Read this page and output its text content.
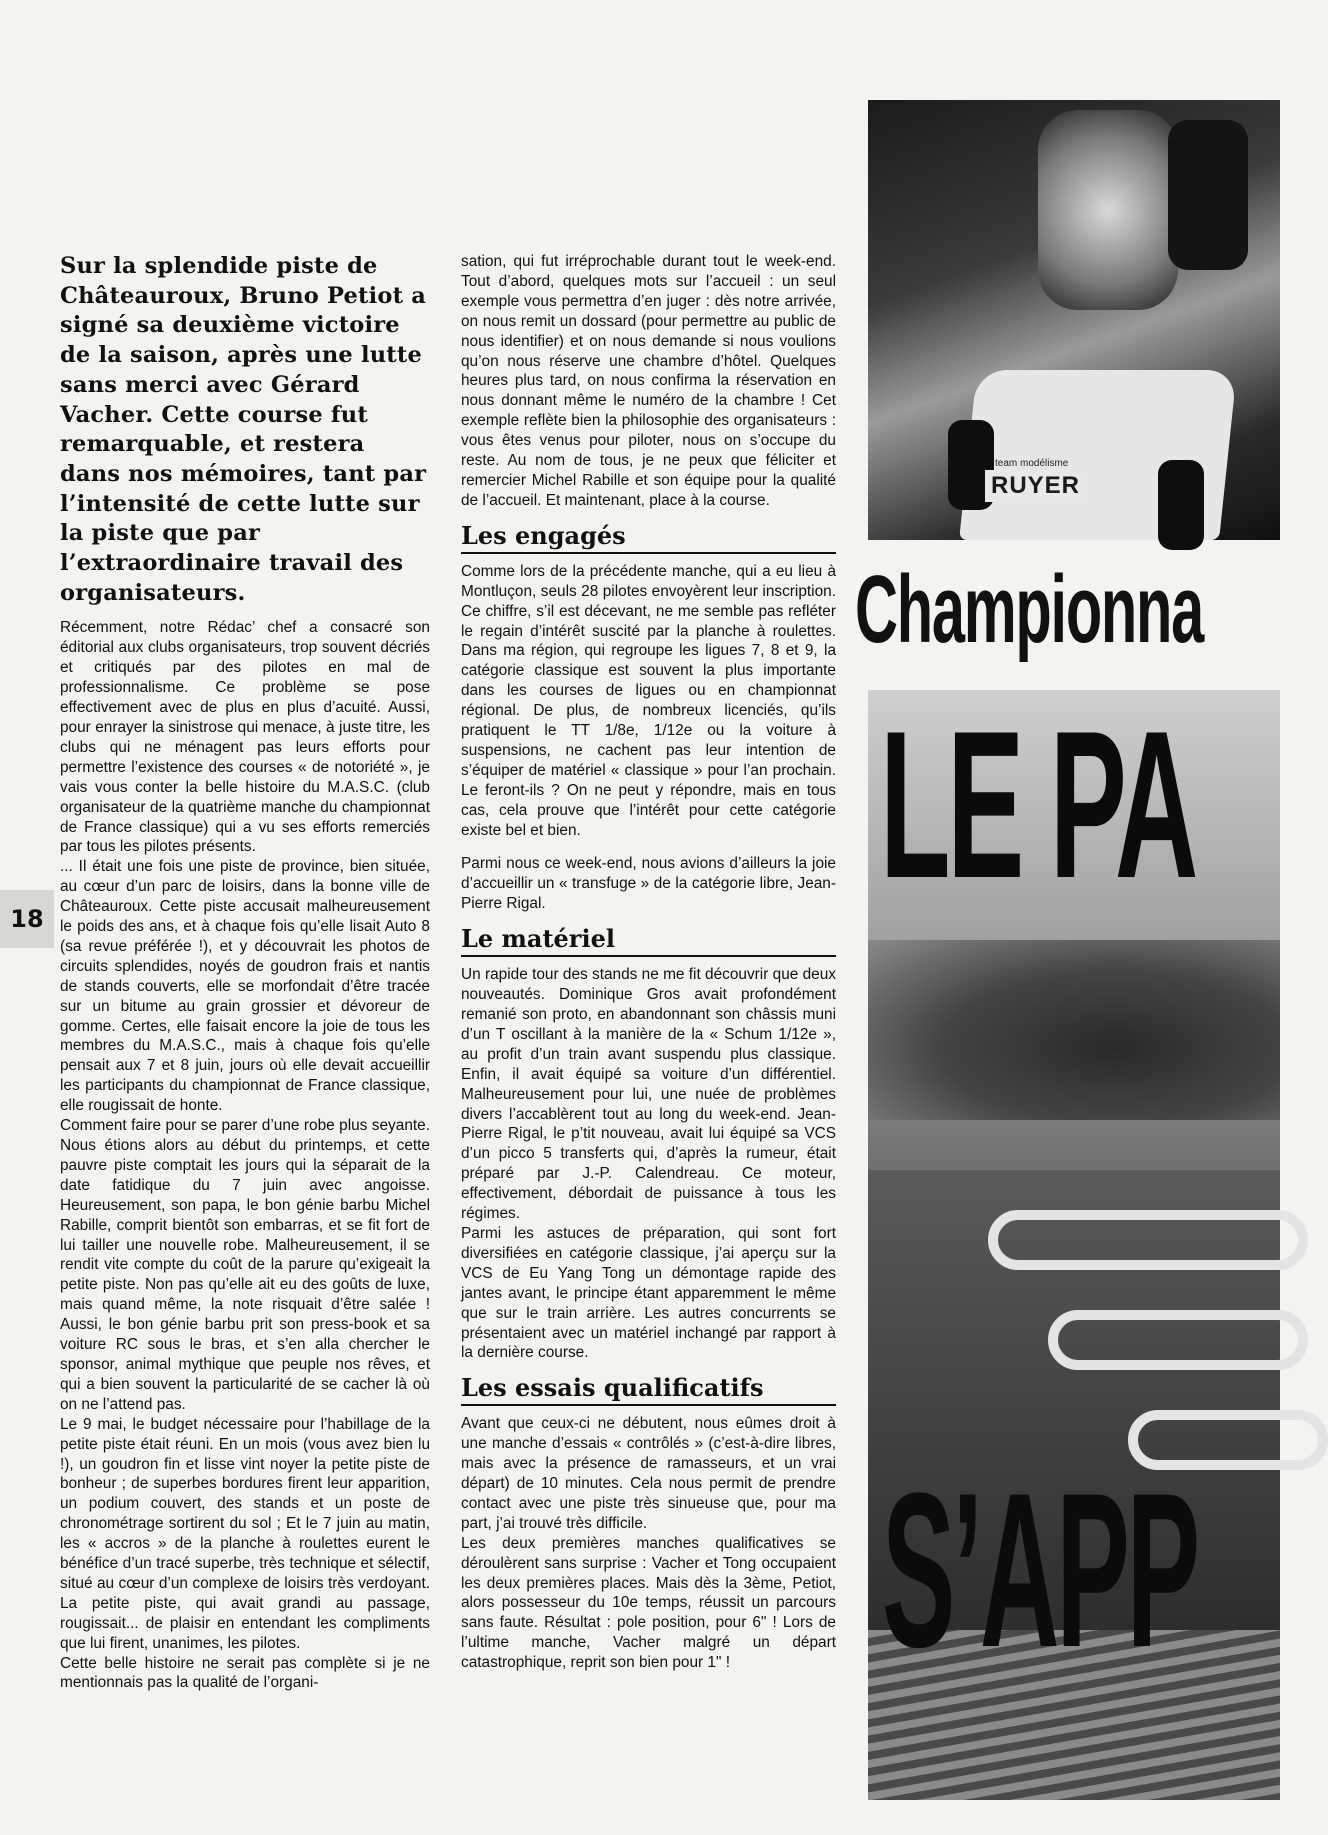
Sur la splendide piste de Châteauroux, Bruno Petiot a signé sa deuxième victoire de la saison, après une lutte sans merci avec Gérard Vacher. Cette course fut remarquable, et restera dans nos mémoires, tant par l’intensité de cette lutte sur la piste que par l’extraordinaire travail des organisateurs.

Récemment, notre Rédac’ chef a consacré son éditorial aux clubs organisateurs, trop souvent décriés et critiqués par des pilotes en mal de professionnalisme. Ce problème se pose effectivement avec de plus en plus d’acuité. Aussi, pour enrayer la sinistrose qui menace, à juste titre, les clubs qui ne ménagent pas leurs efforts pour permettre l’existence des courses « de notoriété », je vais vous conter la belle histoire du M.A.S.C. (club organisateur de la quatrième manche du championnat de France classique) qui a vu ses efforts remerciés par tous les pilotes présents.
... Il était une fois une piste de province, bien située, au cœur d’un parc de loisirs, dans la bonne ville de Châteauroux. Cette piste accusait malheureusement le poids des ans, et à chaque fois qu’elle lisait Auto 8 (sa revue préférée !), et y découvrait les photos de circuits splendides, noyés de goudron frais et nantis de stands couverts, elle se morfondait d’être tracée sur un bitume au grain grossier et dévoreur de gomme. Certes, elle faisait encore la joie de tous les membres du M.A.S.C., mais à chaque fois qu’elle pensait aux 7 et 8 juin, jours où elle devait accueillir les participants du championnat de France classique, elle rougissait de honte.
Comment faire pour se parer d’une robe plus seyante. Nous étions alors au début du printemps, et cette pauvre piste comptait les jours qui la séparait de la date fatidique du 7 juin avec angoisse. Heureusement, son papa, le bon génie barbu Michel Rabille, comprit bientôt son embarras, et se fit fort de lui tailler une nouvelle robe. Malheureusement, il se rendit vite compte du coût de la parure qu’exigeait la petite piste. Non pas qu’elle ait eu des goûts de luxe, mais quand même, la note risquait d’être salée ! Aussi, le bon génie barbu prit son press-book et sa voiture RC sous le bras, et s’en alla chercher le sponsor, animal mythique que peuple nos rêves, et qui a bien souvent la particularité de se cacher là où on ne l’attend pas.
Le 9 mai, le budget nécessaire pour l’habillage de la petite piste était réuni. En un mois (vous avez bien lu !), un goudron fin et lisse vint noyer la petite piste de bonheur ; de superbes bordures firent leur apparition, un podium couvert, des stands et un poste de chronométrage sortirent du sol ; Et le 7 juin au matin, les « accros » de la planche à roulettes eurent le bénéfice d’un tracé superbe, très technique et sélectif, situé au cœur d’un complexe de loisirs très verdoyant. La petite piste, qui avait grandi au passage, rougissait... de plaisir en entendant les compliments que lui firent, unanimes, les pilotes.
Cette belle histoire ne serait pas complète si je ne mentionnais pas la qualité de l’organi-

sation, qui fut irréprochable durant tout le week-end. Tout d’abord, quelques mots sur l’accueil : un seul exemple vous permettra d’en juger : dès notre arrivée, on nous remit un dossard (pour permettre au public de nous identifier) et on nous demande si nous voulions qu’on nous réserve une chambre d’hôtel. Quelques heures plus tard, on nous confirma la réservation en nous donnant même le numéro de la chambre ! Cet exemple reflète bien la philosophie des organisateurs : vous êtes venus pour piloter, nous on s’occupe du reste. Au nom de tous, je ne peux que féliciter et remercier Michel Rabille et son équipe pour la qualité de l’accueil. Et maintenant, place à la course.

Les engagés

Comme lors de la précédente manche, qui a eu lieu à Montluçon, seuls 28 pilotes envoyèrent leur inscription. Ce chiffre, s’il est décevant, ne me semble pas refléter le regain d’intérêt suscité par la planche à roulettes. Dans ma région, qui regroupe les ligues 7, 8 et 9, la catégorie classique est souvent la plus importante dans les courses de ligues ou en championnat régional. De plus, de nombreux licenciés, qu’ils pratiquent le TT 1/8e, 1/12e ou la voiture à suspensions, ne cachent pas leur intention de s’équiper de matériel « classique » pour l’an prochain. Le feront-ils ? On ne peut y répondre, mais en tous cas, cela prouve que l’intérêt pour cette catégorie existe bel et bien.

Parmi nous ce week-end, nous avions d’ailleurs la joie d’accueillir un « transfuge » de la catégorie libre, Jean-Pierre Rigal.

Le matériel

Un rapide tour des stands ne me fit découvrir que deux nouveautés. Dominique Gros avait profondément remanié son proto, en abandonnant son châssis muni d’un T oscillant à la manière de la « Schum 1/12e », au profit d’un train avant suspendu plus classique. Enfin, il avait équipé sa voiture d’un différentiel. Malheureusement pour lui, une nuée de problèmes divers l’accablèrent tout au long du week-end. Jean-Pierre Rigal, le p’tit nouveau, avait lui équipé sa VCS d’un picco 5 transferts qui, d’après la rumeur, était préparé par J.-P. Calendreau. Ce moteur, effectivement, débordait de puissance à tous les régimes.
Parmi les astuces de préparation, qui sont fort diversifiées en catégorie classique, j’ai aperçu sur la VCS de Eu Yang Tong un démontage rapide des jantes avant, le principe étant apparemment le même que sur le train arrière. Les autres concurrents se présentaient avec un matériel inchangé par rapport à la dernière course.

Les essais qualificatifs

Avant que ceux-ci ne débutent, nous eûmes droit à une manche d’essais « contrôlés » (c’est-à-dire libres, mais avec la présence de ramasseurs, et un vrai départ) de 10 minutes. Cela nous permit de prendre contact avec une piste très sinueuse que, pour ma part, j’ai trouvé très difficile.
Les deux premières manches qualificatives se déroulèrent sans surprise : Vacher et Tong occupaient les deux premières places. Mais dès la 3ème, Petiot, alors possesseur du 10e temps, réussit un parcours sans faute. Résultat : pole position, pour 6" ! Lors de l’ultime manche, Vacher malgré un départ catastrophique, reprit son bien pour 1" !

18
team modélisme
RUYER
Championna
LE PA
S’APP
